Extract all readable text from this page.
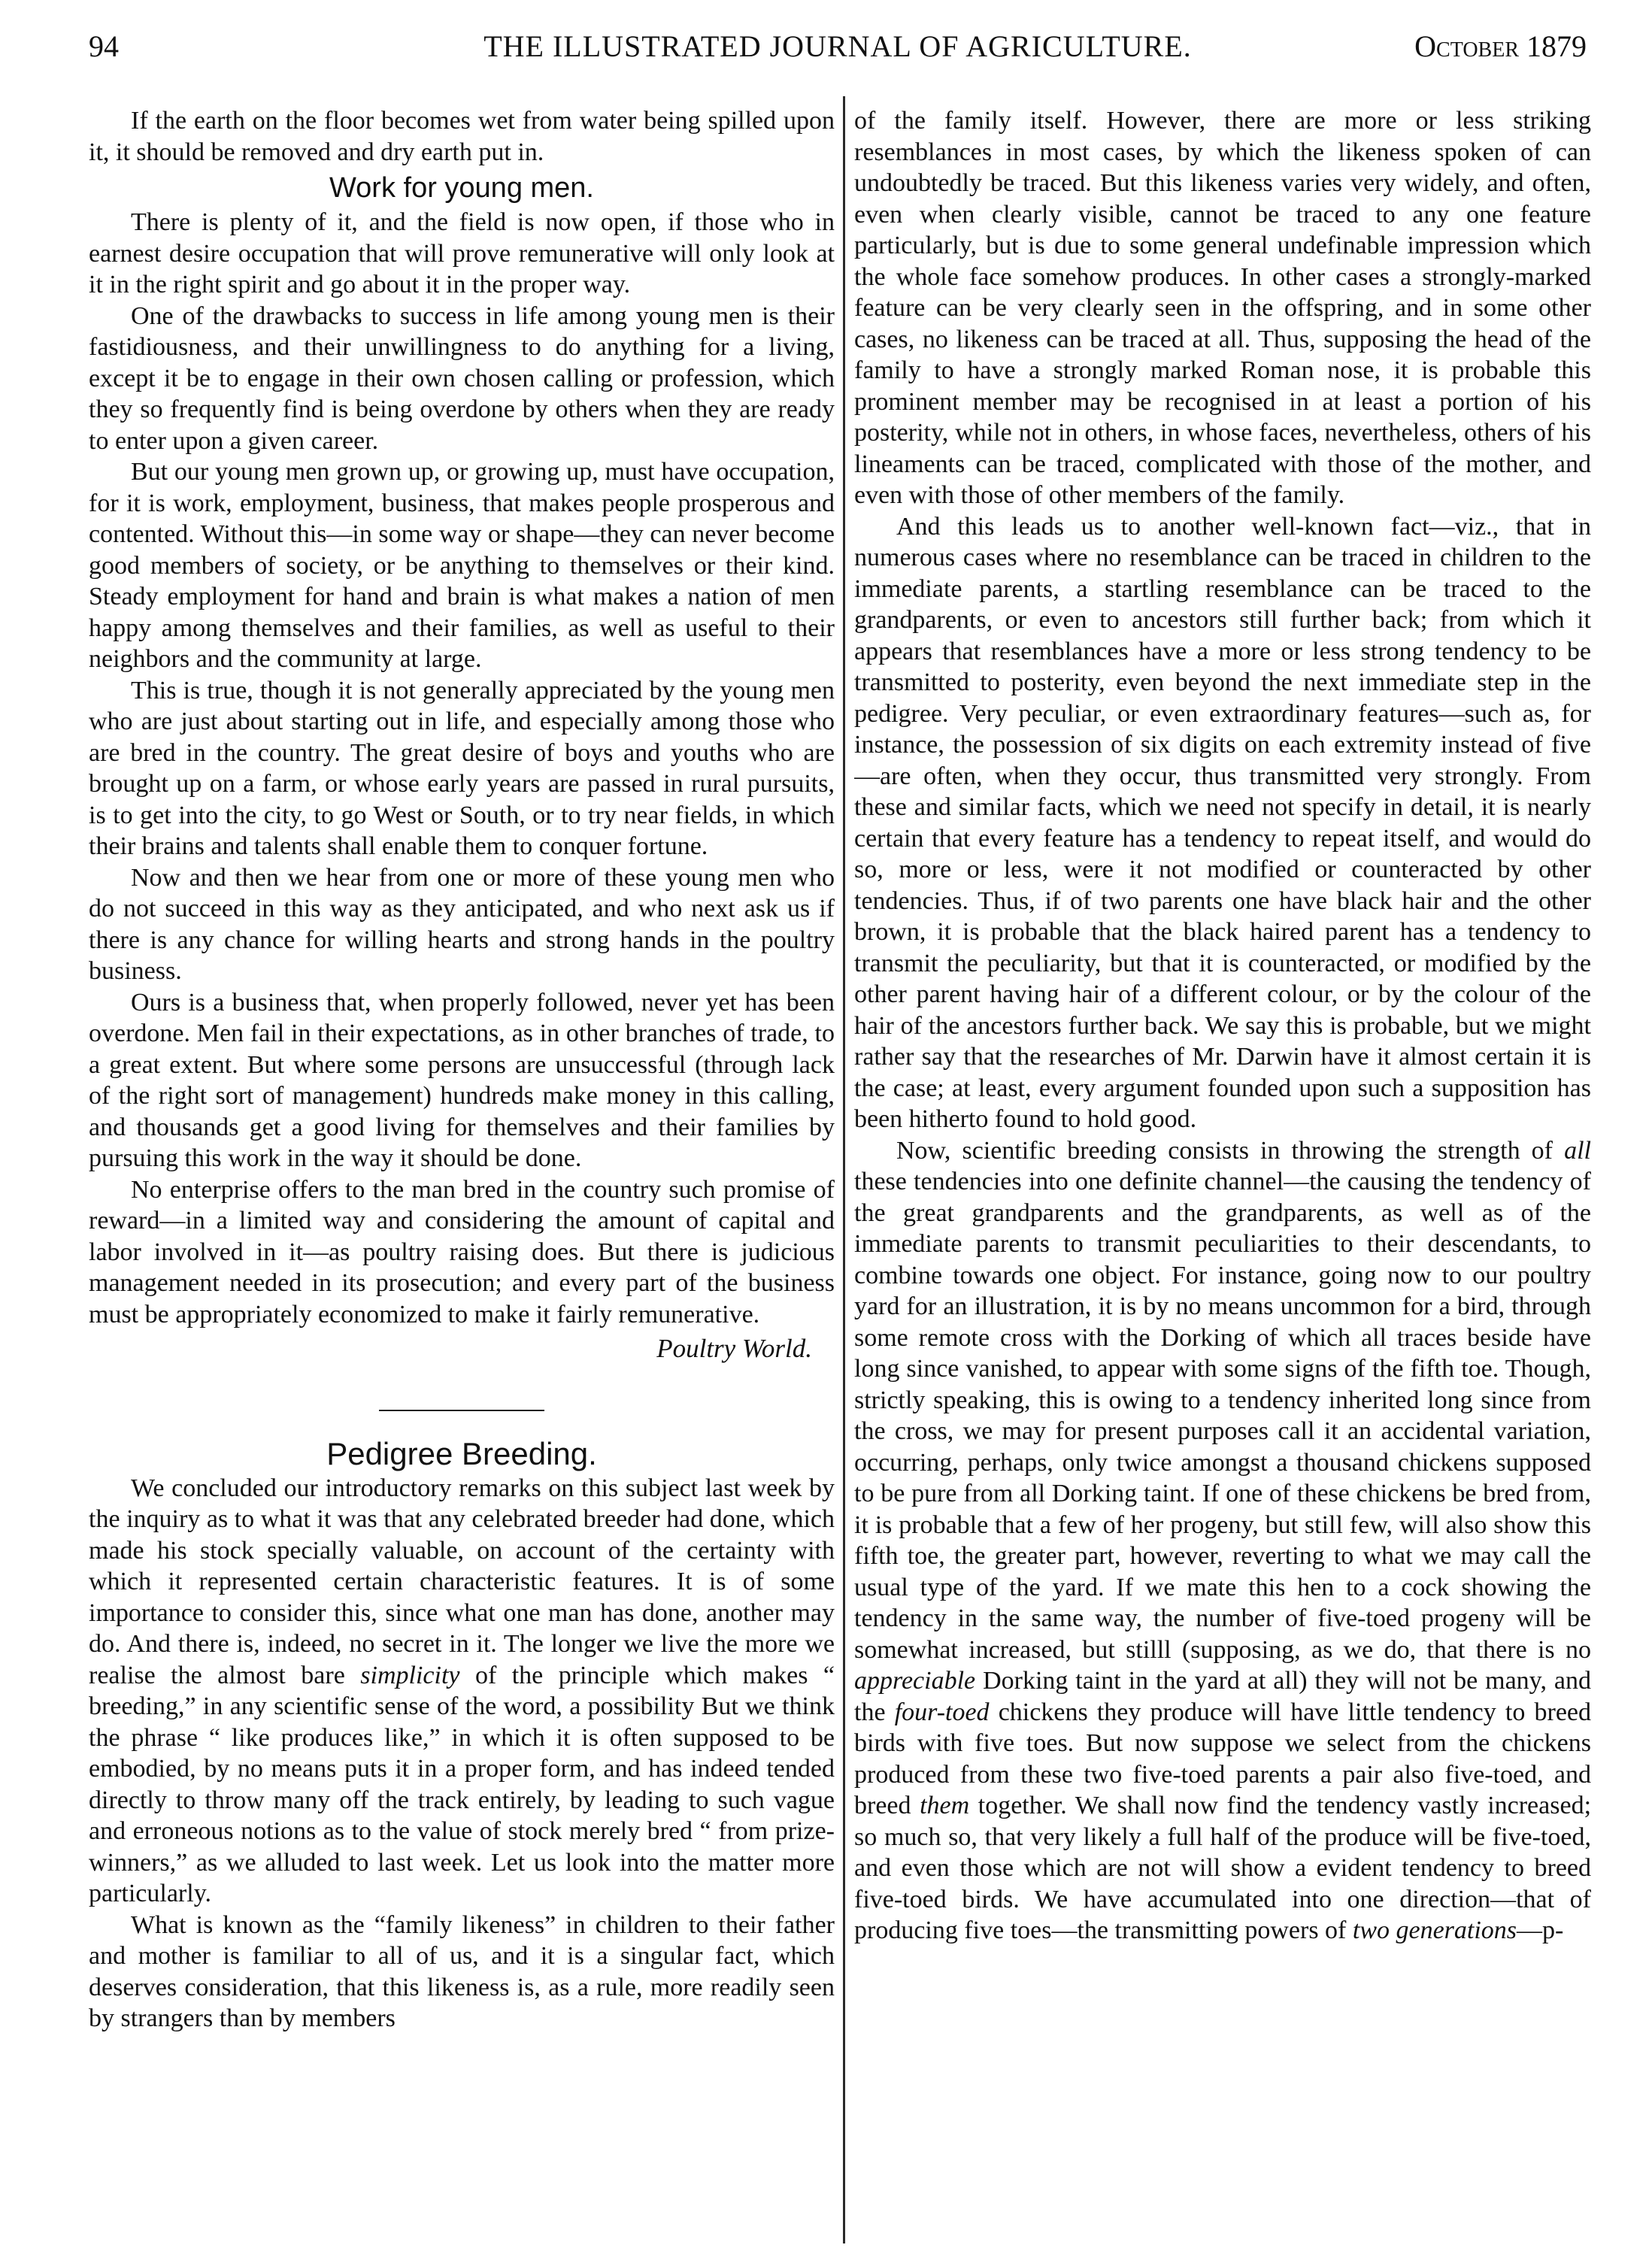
94	THE ILLUSTRATED JOURNAL OF AGRICULTURE.	October 1879

If the earth on the floor becomes wet from water being spilled upon it, it should be removed and dry earth put in.

Work for young men.

There is plenty of it, and the field is now open, if those who in earnest desire occupation that will prove remunerative will only look at it in the right spirit and go about it in the proper way.

One of the drawbacks to success in life among young men is their fastidiousness, and their unwillingness to do anything for a living, except it be to engage in their own chosen calling or profession, which they so frequently find is being overdone by others when they are ready to enter upon a given career.

But our young men grown up, or growing up, must have occupation, for it is work, employment, business, that makes people prosperous and contented. Without this—in some way or shape—they can never become good members of society, or be anything to themselves or their kind. Steady employment for hand and brain is what makes a nation of men happy among themselves and their families, as well as useful to their neighbors and the community at large.

This is true, though it is not generally appreciated by the young men who are just about starting out in life, and especially among those who are bred in the country. The great desire of boys and youths who are brought up on a farm, or whose early years are passed in rural pursuits, is to get into the city, to go West or South, or to try near fields, in which their brains and talents shall enable them to conquer fortune.

Now and then we hear from one or more of these young men who do not succeed in this way as they anticipated, and who next ask us if there is any chance for willing hearts and strong hands in the poultry business.

Ours is a business that, when properly followed, never yet has been overdone. Men fail in their expectations, as in other branches of trade, to a great extent. But where some persons are unsuccessful (through lack of the right sort of management) hundreds make money in this calling, and thousands get a good living for themselves and their families by pursuing this work in the way it should be done.

No enterprise offers to the man bred in the country such promise of reward—in a limited way and considering the amount of capital and labor involved in it—as poultry raising does. But there is judicious management needed in its prosecution; and every part of the business must be appropriately economized to make it fairly remunerative.

Poultry World.
Pedigree Breeding.

We concluded our introductory remarks on this subject last week by the inquiry as to what it was that any celebrated breeder had done, which made his stock specially valuable, on account of the certainty with which it represented certain characteristic features. It is of some importance to consider this, since what one man has done, another may do. And there is, indeed, no secret in it. The longer we live the more we realise the almost bare simplicity of the principle which makes “ breeding,” in any scientific sense of the word, a possibility But we think the phrase “ like produces like,” in which it is often supposed to be embodied, by no means puts it in a proper form, and has indeed tended directly to throw many off the track entirely, by leading to such vague and erroneous notions as to the value of stock merely bred “ from prize-winners,” as we alluded to last week. Let us look into the matter more particularly.

What is known as the “family likeness” in children to their father and mother is familiar to all of us, and it is a singular fact, which deserves consideration, that this likeness is, as a rule, more readily seen by strangers than by members

of the family itself. However, there are more or less striking resemblances in most cases, by which the likeness spoken of can undoubtedly be traced. But this likeness varies very widely, and often, even when clearly visible, cannot be traced to any one feature particularly, but is due to some general undefinable impression which the whole face somehow produces. In other cases a strongly-marked feature can be very clearly seen in the offspring, and in some other cases, no likeness can be traced at all. Thus, supposing the head of the family to have a strongly marked Roman nose, it is probable this prominent member may be recognised in at least a portion of his posterity, while not in others, in whose faces, nevertheless, others of his lineaments can be traced, complicated with those of the mother, and even with those of other members of the family.

And this leads us to another well-known fact—viz., that in numerous cases where no resemblance can be traced in children to the immediate parents, a startling resemblance can be traced to the grandparents, or even to ancestors still further back; from which it appears that resemblances have a more or less strong tendency to be transmitted to posterity, even beyond the next immediate step in the pedigree. Very peculiar, or even extraordinary features—such as, for instance, the possession of six digits on each extremity instead of five—are often, when they occur, thus transmitted very strongly. From these and similar facts, which we need not specify in detail, it is nearly certain that every feature has a tendency to repeat itself, and would do so, more or less, were it not modified or counteracted by other tendencies. Thus, if of two parents one have black hair and the other brown, it is probable that the black haired parent has a tendency to transmit the peculiarity, but that it is counteracted, or modified by the other parent having hair of a different colour, or by the colour of the hair of the ancestors further back. We say this is probable, but we might rather say that the researches of Mr. Darwin have it almost certain it is the case; at least, every argument founded upon such a supposition has been hitherto found to hold good.

Now, scientific breeding consists in throwing the strength of all these tendencies into one definite channel—the causing the tendency of the great grandparents and the grandparents, as well as of the immediate parents to transmit peculiarities to their descendants, to combine towards one object. For instance, going now to our poultry yard for an illustration, it is by no means uncommon for a bird, through some remote cross with the Dorking of which all traces beside have long since vanished, to appear with some signs of the fifth toe. Though, strictly speaking, this is owing to a tendency inherited long since from the cross, we may for present purposes call it an accidental variation, occurring, perhaps, only twice amongst a thousand chickens supposed to be pure from all Dorking taint. If one of these chickens be bred from, it is probable that a few of her progeny, but still few, will also show this fifth toe, the greater part, however, reverting to what we may call the usual type of the yard. If we mate this hen to a cock showing the tendency in the same way, the number of five-toed progeny will be somewhat increased, but stilll (supposing, as we do, that there is no appreciable Dorking taint in the yard at all) they will not be many, and the four-toed chickens they produce will have little tendency to breed birds with five toes. But now suppose we select from the chickens produced from these two five-toed parents a pair also five-toed, and breed them together. We shall now find the tendency vastly increased; so much so, that very likely a full half of the produce will be five-toed, and even those which are not will show a evident tendency to breed five-toed birds. We have accumulated into one direction—that of producing five toes—the transmitting powers of two generations—p-
